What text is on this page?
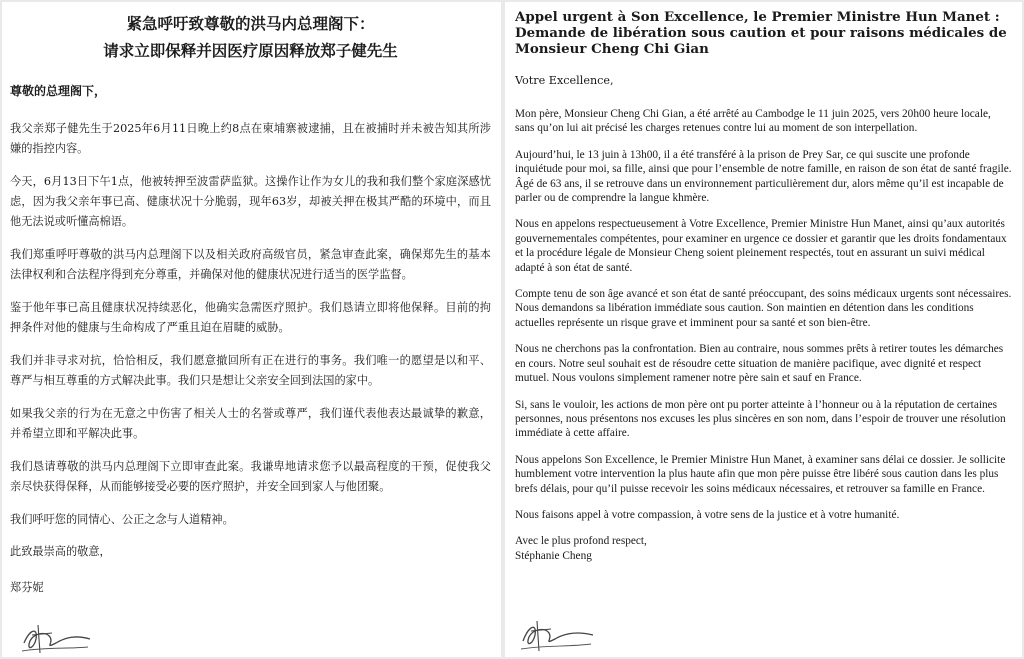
紧急呼吁致尊敬的洪马内总理阁下：
请求立即保释并因医疗原因释放郑子健先生
尊敬的总理阁下，

我父亲郑子健先生于2025年6月11日晚上约8点在柬埔寨被逮捕，且在被捕时并未被告知其所涉嫌的指控内容。

今天，6月13日下午1点，他被转押至波雷萨监狱。这操作让作为女儿的我和我们整个家庭深感忧虑，因为我父亲年事已高、健康状况十分脆弱，现年63岁，却被关押在极其严酷的环境中，而且他无法说或听懂高棉语。

我们郑重呼吁尊敬的洪马内总理阁下以及相关政府高级官员，紧急审查此案，确保郑先生的基本法律权利和合法程序得到充分尊重，并确保对他的健康状况进行适当的医学监督。

鉴于他年事已高且健康状况持续恶化，他确实急需医疗照护。我们恳请立即将他保释。目前的拘押条件对他的健康与生命构成了严重且迫在眉睫的威胁。

我们并非寻求对抗，恰恰相反，我们愿意撤回所有正在进行的事务。我们唯一的愿望是以和平、尊严与相互尊重的方式解决此事。我们只是想让父亲安全回到法国的家中。

如果我父亲的行为在无意之中伤害了相关人士的名誉或尊严，我们谨代表他表达最诚挚的歉意，并希望立即和平解决此事。

我们恳请尊敬的洪马内总理阁下立即审查此案。我谦卑地请求您予以最高程度的干预，促使我父亲尽快获得保释，从而能够接受必要的医疗照护，并安全回到家人与他团聚。

我们呼吁您的同情心、公正之念与人道精神。

此致最崇高的敬意，
郑芬妮
Appel urgent à Son Excellence, le Premier Ministre Hun Manet : Demande de libération sous caution et pour raisons médicales de Monsieur Cheng Chi Gian
Votre Excellence,

Mon père, Monsieur Cheng Chi Gian, a été arrêté au Cambodge le 11 juin 2025, vers 20h00 heure locale, sans qu’on lui ait précisé les charges retenues contre lui au moment de son interpellation.

Aujourd’hui, le 13 juin à 13h00, il a été transféré à la prison de Prey Sar, ce qui suscite une profonde inquiétude pour moi, sa fille, ainsi que pour l’ensemble de notre famille, en raison de son état de santé fragile. Âgé de 63 ans, il se retrouve dans un environnement particulièrement dur, alors même qu’il est incapable de parler ou de comprendre la langue khmère.

Nous en appelons respectueusement à Votre Excellence, Premier Ministre Hun Manet, ainsi qu’aux autorités gouvernementales compétentes, pour examiner en urgence ce dossier et garantir que les droits fondamentaux et la procédure légale de Monsieur Cheng soient pleinement respectés, tout en assurant un suivi médical adapté à son état de santé.

Compte tenu de son âge avancé et son état de santé préoccupant, des soins médicaux urgents sont nécessaires. Nous demandons sa libération immédiate sous caution. Son maintien en détention dans les conditions actuelles représente un risque grave et imminent pour sa santé et son bien-être.

Nous ne cherchons pas la confrontation. Bien au contraire, nous sommes prêts à retirer toutes les démarches en cours. Notre seul souhait est de résoudre cette situation de manière pacifique, avec dignité et respect mutuel. Nous voulons simplement ramener notre père sain et sauf en France.

Si, sans le vouloir, les actions de mon père ont pu porter atteinte à l’honneur ou à la réputation de certaines personnes, nous présentons nos excuses les plus sincères en son nom, dans l’espoir de trouver une résolution immédiate à cette affaire.

Nous appelons Son Excellence, le Premier Ministre Hun Manet, à examiner sans délai ce dossier. Je sollicite humblement votre intervention la plus haute afin que mon père puisse être libéré sous caution dans les plus brefs délais, pour qu’il puisse recevoir les soins médicaux nécessaires, et retrouver sa famille en France.

Nous faisons appel à votre compassion, à votre sens de la justice et à votre humanité.

Avec le plus profond respect,
Stéphanie Cheng
